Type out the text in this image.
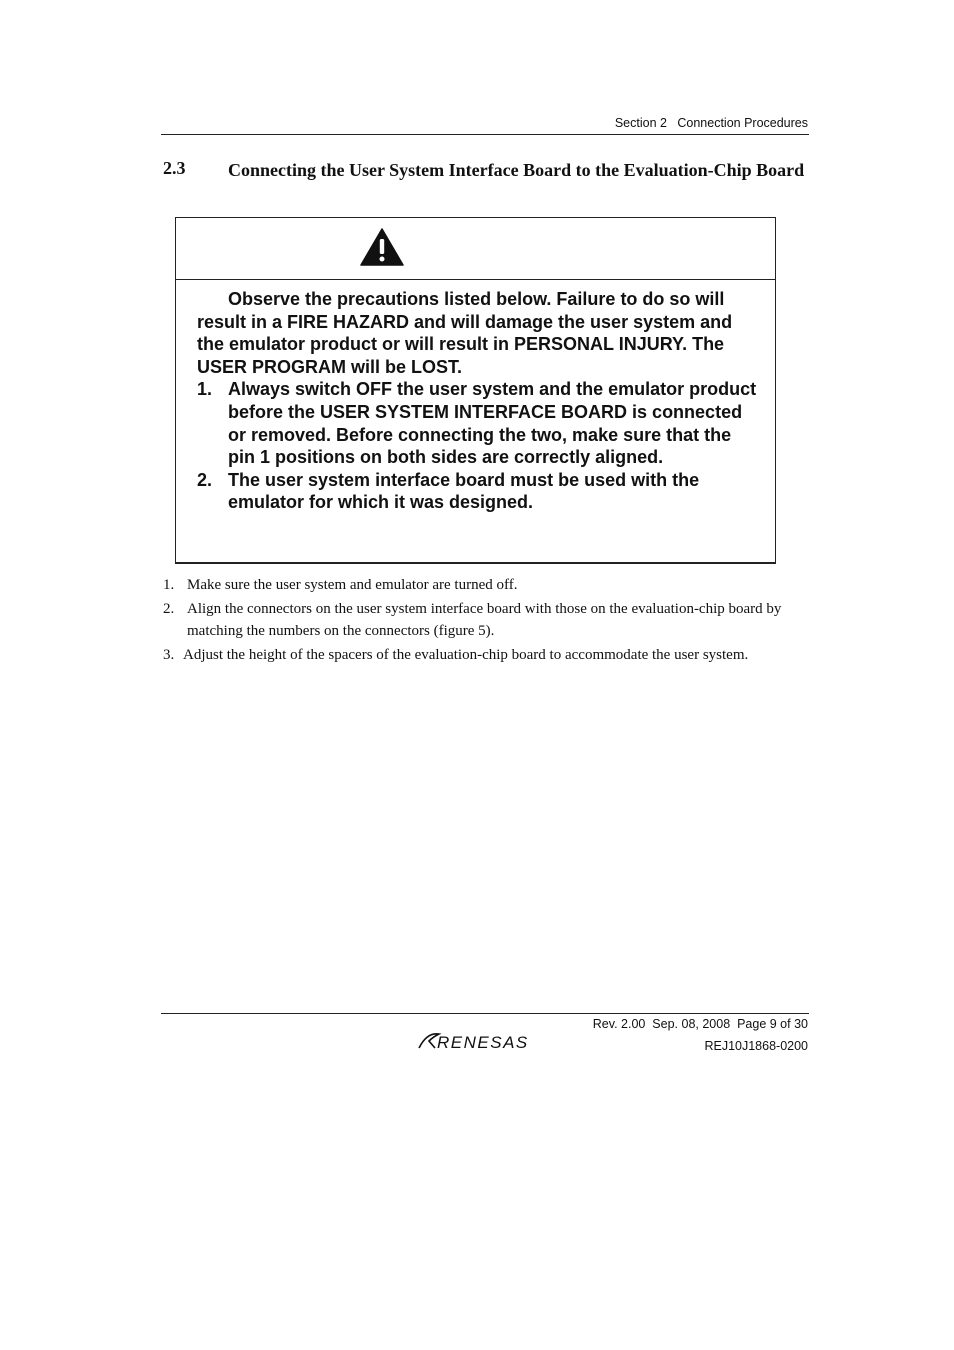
Section 2   Connection Procedures
2.3 Connecting the User System Interface Board to the Evaluation-Chip Board

Observe the precautions listed below. Failure to do so will result in a FIRE HAZARD and will damage the user system and the emulator product or will result in PERSONAL INJURY. The USER PROGRAM will be LOST.

1. Always switch OFF the user system and the emulator product before the USER SYSTEM INTERFACE BOARD is connected or removed. Before connecting the two, make sure that the pin 1 positions on both sides are correctly aligned.
2. The user system interface board must be used with the emulator for which it was designed.
1. Make sure the user system and emulator are turned off.
2. Align the connectors on the user system interface board with those on the evaluation-chip board by matching the numbers on the connectors (figure 5).
3. Adjust the height of the spacers of the evaluation-chip board to accommodate the user system.
Rev. 2.00  Sep. 08, 2008  Page 9 of 30
REJ10J1868-0200
RENESAS
